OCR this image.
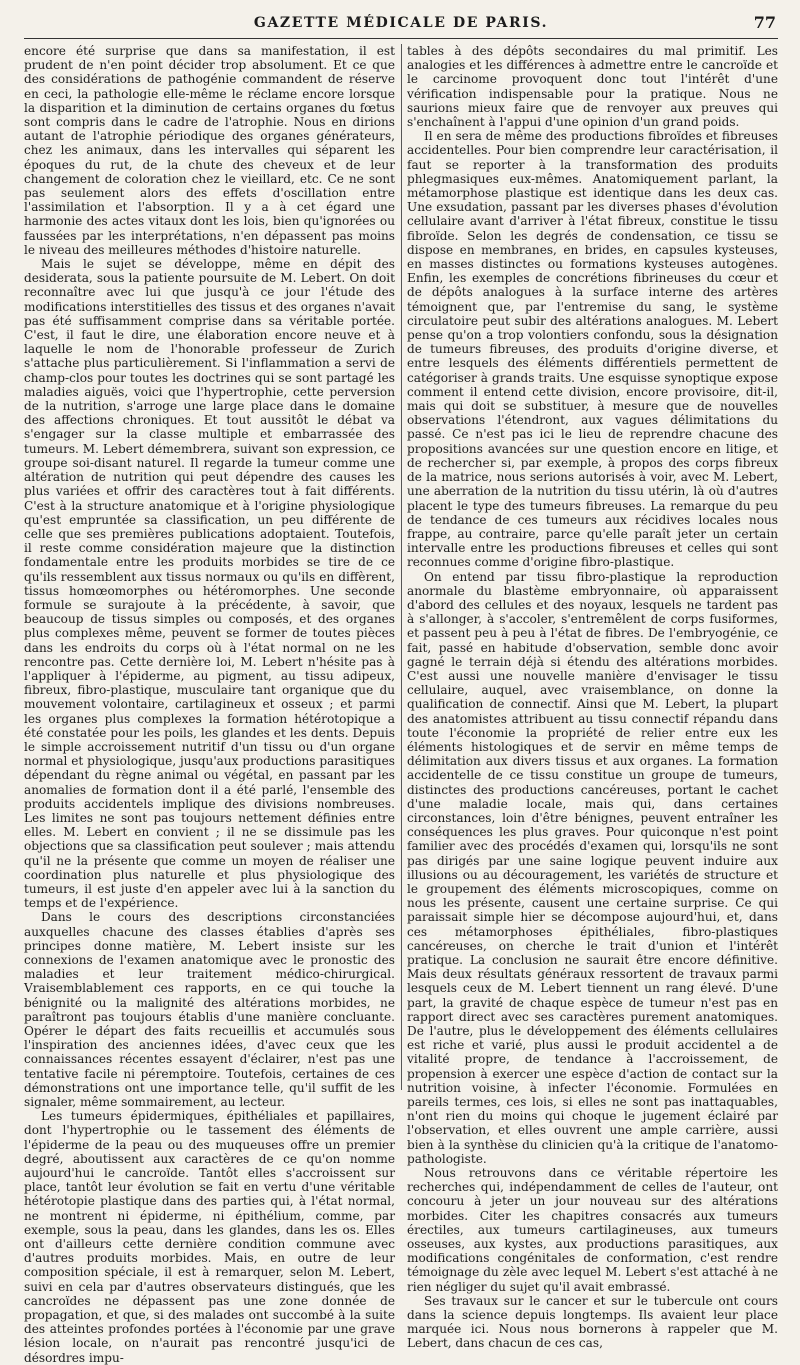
GAZETTE MÉDICALE DE PARIS.	77

encore été surprise que dans sa manifestation, il est prudent de n'en point décider trop absolument. Et ce que des considérations de pathogénie commandent de réserve en ceci, la pathologie elle-même le réclame encore lorsque la disparition et la diminution de certains organes du fœtus sont compris dans le cadre de l'atrophie. Nous en dirions autant de l'atrophie périodique des organes générateurs, chez les animaux, dans les intervalles qui séparent les époques du rut, de la chute des cheveux et de leur changement de coloration chez le vieillard, etc. Ce ne sont pas seulement alors des effets d'oscillation entre l'assimilation et l'absorption. Il y a à cet égard une harmonie des actes vitaux dont les lois, bien qu'ignorées ou faussées par les interprétations, n'en dépassent pas moins le niveau des meilleures méthodes d'histoire naturelle.

Mais le sujet se développe, même en dépit des desiderata, sous la patiente poursuite de M. Lebert. On doit reconnaître avec lui que jusqu'à ce jour l'étude des modifications interstitielles des tissus et des organes n'avait pas été suffisamment comprise dans sa véritable portée. C'est, il faut le dire, une élaboration encore neuve et à laquelle le nom de l'honorable professeur de Zurich s'attache plus particulièrement. Si l'inflammation a servi de champ-clos pour toutes les doctrines qui se sont partagé les maladies aiguës, voici que l'hypertrophie, cette perversion de la nutrition, s'arroge une large place dans le domaine des affections chroniques. Et tout aussitôt le débat va s'engager sur la classe multiple et embarrassée des tumeurs. M. Lebert démembrera, suivant son expression, ce groupe soi-disant naturel. Il regarde la tumeur comme une altération de nutrition qui peut dépendre des causes les plus variées et offrir des caractères tout à fait différents. C'est à la structure anatomique et à l'origine physiologique qu'est empruntée sa classification, un peu différente de celle que ses premières publications adoptaient. Toutefois, il reste comme considération majeure que la distinction fondamentale entre les produits morbides se tire de ce qu'ils ressemblent aux tissus normaux ou qu'ils en diffèrent, tissus homœomorphes ou hétéromorphes. Une seconde formule se surajoute à la précédente, à savoir, que beaucoup de tissus simples ou composés, et des organes plus complexes même, peuvent se former de toutes pièces dans les endroits du corps où à l'état normal on ne les rencontre pas. Cette dernière loi, M. Lebert n'hésite pas à l'appliquer à l'épiderme, au pigment, au tissu adipeux, fibreux, fibro-plastique, musculaire tant organique que du mouvement volontaire, cartilagineux et osseux ; et parmi les organes plus complexes la formation hétérotopique a été constatée pour les poils, les glandes et les dents. Depuis le simple accroissement nutritif d'un tissu ou d'un organe normal et physiologique, jusqu'aux productions parasitiques dépendant du règne animal ou végétal, en passant par les anomalies de formation dont il a été parlé, l'ensemble des produits accidentels implique des divisions nombreuses. Les limites ne sont pas toujours nettement définies entre elles. M. Lebert en convient ; il ne se dissimule pas les objections que sa classification peut soulever ; mais attendu qu'il ne la présente que comme un moyen de réaliser une coordination plus naturelle et plus physiologique des tumeurs, il est juste d'en appeler avec lui à la sanction du temps et de l'expérience.

Dans le cours des descriptions circonstanciées auxquelles chacune des classes établies d'après ses principes donne matière, M. Lebert insiste sur les connexions de l'examen anatomique avec le pronostic des maladies et leur traitement médico-chirurgical. Vraisemblablement ces rapports, en ce qui touche la bénignité ou la malignité des altérations morbides, ne paraîtront pas toujours établis d'une manière concluante. Opérer le départ des faits recueillis et accumulés sous l'inspiration des anciennes idées, d'avec ceux que les connaissances récentes essayent d'éclairer, n'est pas une tentative facile ni péremptoire. Toutefois, certaines de ces démonstrations ont une importance telle, qu'il suffit de les signaler, même sommairement, au lecteur.

Les tumeurs épidermiques, épithéliales et papillaires, dont l'hypertrophie ou le tassement des éléments de l'épiderme de la peau ou des muqueuses offre un premier degré, aboutissent aux caractères de ce qu'on nomme aujourd'hui le cancroïde. Tantôt elles s'accroissent sur place, tantôt leur évolution se fait en vertu d'une véritable hétérotopie plastique dans des parties qui, à l'état normal, ne montrent ni épiderme, ni épithélium, comme, par exemple, sous la peau, dans les glandes, dans les os. Elles ont d'ailleurs cette dernière condition commune avec d'autres produits morbides. Mais, en outre de leur composition spéciale, il est à remarquer, selon M. Lebert, suivi en cela par d'autres observateurs distingués, que les cancroïdes ne dépassent pas une zone donnée de propagation, et que, si des malades ont succombé à la suite des atteintes profondes portées à l'économie par une grave lésion locale, on n'aurait pas rencontré jusqu'ici de désordres impu-

tables à des dépôts secondaires du mal primitif. Les analogies et les différences à admettre entre le cancroïde et le carcinome provoquent donc tout l'intérêt d'une vérification indispensable pour la pratique. Nous ne saurions mieux faire que de renvoyer aux preuves qui s'enchaînent à l'appui d'une opinion d'un grand poids.

Il en sera de même des productions fibroïdes et fibreuses accidentelles. Pour bien comprendre leur caractérisation, il faut se reporter à la transformation des produits phlegmasiques eux-mêmes. Anatomiquement parlant, la métamorphose plastique est identique dans les deux cas. Une exsudation, passant par les diverses phases d'évolution cellulaire avant d'arriver à l'état fibreux, constitue le tissu fibroïde. Selon les degrés de condensation, ce tissu se dispose en membranes, en brides, en capsules kysteuses, en masses distinctes ou formations kysteuses autogènes. Enfin, les exemples de concrétions fibrineuses du cœur et de dépôts analogues à la surface interne des artères témoignent que, par l'entremise du sang, le système circulatoire peut subir des altérations analogues. M. Lebert pense qu'on a trop volontiers confondu, sous la désignation de tumeurs fibreuses, des produits d'origine diverse, et entre lesquels des éléments différentiels permettent de catégoriser à grands traits. Une esquisse synoptique expose comment il entend cette division, encore provisoire, dit-il, mais qui doit se substituer, à mesure que de nouvelles observations l'étendront, aux vagues délimitations du passé. Ce n'est pas ici le lieu de reprendre chacune des propositions avancées sur une question encore en litige, et de rechercher si, par exemple, à propos des corps fibreux de la matrice, nous serions autorisés à voir, avec M. Lebert, une aberration de la nutrition du tissu utérin, là où d'autres placent le type des tumeurs fibreuses. La remarque du peu de tendance de ces tumeurs aux récidives locales nous frappe, au contraire, parce qu'elle paraît jeter un certain intervalle entre les productions fibreuses et celles qui sont reconnues comme d'origine fibro-plastique.

On entend par tissu fibro-plastique la reproduction anormale du blastème embryonnaire, où apparaissent d'abord des cellules et des noyaux, lesquels ne tardent pas à s'allonger, à s'accoler, s'entremêlent de corps fusiformes, et passent peu à peu à l'état de fibres. De l'embryogénie, ce fait, passé en habitude d'observation, semble donc avoir gagné le terrain déjà si étendu des altérations morbides. C'est aussi une nouvelle manière d'envisager le tissu cellulaire, auquel, avec vraisemblance, on donne la qualification de connectif. Ainsi que M. Lebert, la plupart des anatomistes attribuent au tissu connectif répandu dans toute l'économie la propriété de relier entre eux les éléments histologiques et de servir en même temps de délimitation aux divers tissus et aux organes. La formation accidentelle de ce tissu constitue un groupe de tumeurs, distinctes des productions cancéreuses, portant le cachet d'une maladie locale, mais qui, dans certaines circonstances, loin d'être bénignes, peuvent entraîner les conséquences les plus graves. Pour quiconque n'est point familier avec des procédés d'examen qui, lorsqu'ils ne sont pas dirigés par une saine logique peuvent induire aux illusions ou au découragement, les variétés de structure et le groupement des éléments microscopiques, comme on nous les présente, causent une certaine surprise. Ce qui paraissait simple hier se décompose aujourd'hui, et, dans ces métamorphoses épithéliales, fibro-plastiques cancéreuses, on cherche le trait d'union et l'intérêt pratique. La conclusion ne saurait être encore définitive. Mais deux résultats généraux ressortent de travaux parmi lesquels ceux de M. Lebert tiennent un rang élevé. D'une part, la gravité de chaque espèce de tumeur n'est pas en rapport direct avec ses caractères purement anatomiques. De l'autre, plus le développement des éléments cellulaires est riche et varié, plus aussi le produit accidentel a de vitalité propre, de tendance à l'accroissement, de propension à exercer une espèce d'action de contact sur la nutrition voisine, à infecter l'économie. Formulées en pareils termes, ces lois, si elles ne sont pas inattaquables, n'ont rien du moins qui choque le jugement éclairé par l'observation, et elles ouvrent une ample carrière, aussi bien à la synthèse du clinicien qu'à la critique de l'anatomo-pathologiste.

Nous retrouvons dans ce véritable répertoire les recherches qui, indépendamment de celles de l'auteur, ont concouru à jeter un jour nouveau sur des altérations morbides. Citer les chapitres consacrés aux tumeurs érectiles, aux tumeurs cartilagineuses, aux tumeurs osseuses, aux kystes, aux productions parasitiques, aux modifications congénitales de conformation, c'est rendre témoignage du zèle avec lequel M. Lebert s'est attaché à ne rien négliger du sujet qu'il avait embrassé.

Ses travaux sur le cancer et sur le tubercule ont cours dans la science depuis longtemps. Ils avaient leur place marquée ici. Nous nous bornerons à rappeler que M. Lebert, dans chacun de ces cas,
